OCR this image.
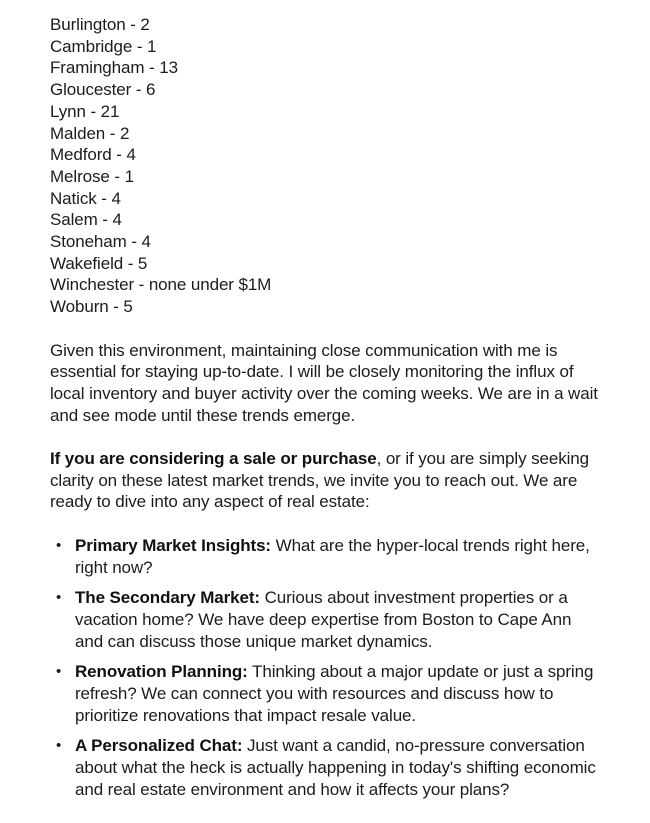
Burlington - 2
Cambridge - 1
Framingham - 13
Gloucester - 6
Lynn - 21
Malden - 2
Medford - 4
Melrose - 1
Natick - 4
Salem - 4
Stoneham - 4
Wakefield - 5
Winchester - none under $1M
Woburn - 5

Given this environment, maintaining close communication with me is essential for staying up-to-date. I will be closely monitoring the influx of local inventory and buyer activity over the coming weeks. We are in a wait and see mode until these trends emerge.

If you are considering a sale or purchase, or if you are simply seeking clarity on these latest market trends, we invite you to reach out. We are ready to dive into any aspect of real estate:

• Primary Market Insights: What are the hyper-local trends right here, right now?
• The Secondary Market: Curious about investment properties or a vacation home? We have deep expertise from Boston to Cape Ann and can discuss those unique market dynamics.
• Renovation Planning: Thinking about a major update or just a spring refresh? We can connect you with resources and discuss how to prioritize renovations that impact resale value.
• A Personalized Chat: Just want a candid, no-pressure conversation about what the heck is actually happening in today's shifting economic and real estate environment and how it affects your plans?
